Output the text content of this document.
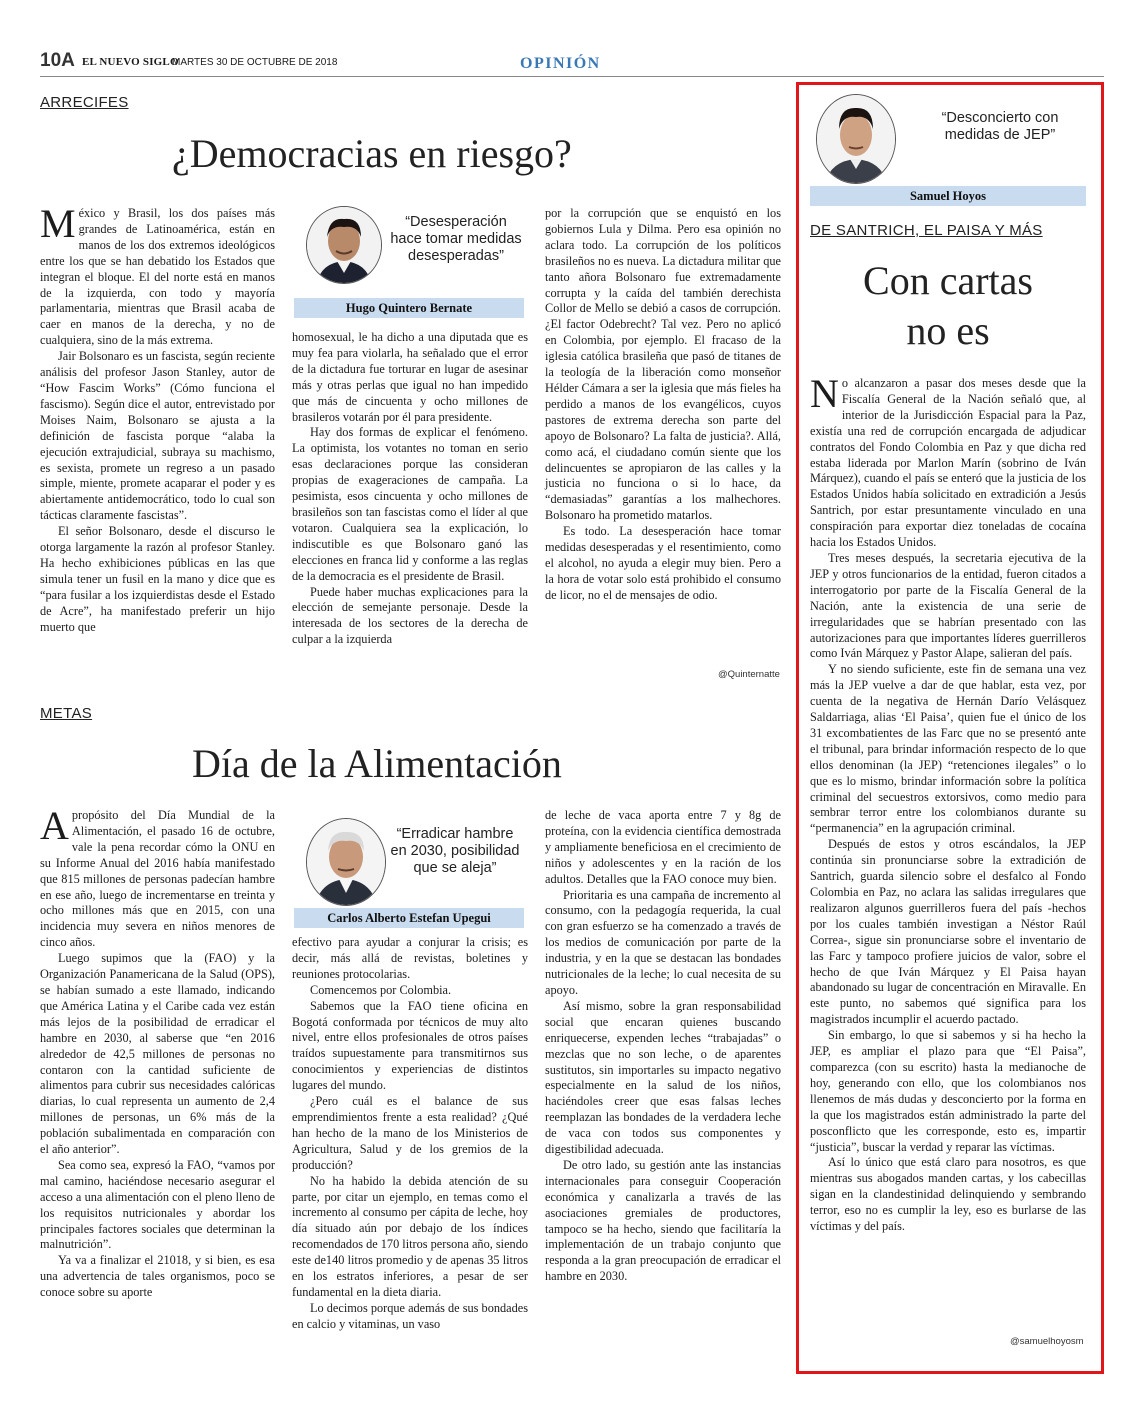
10A EL NUEVO SIGLO
MARTES 30 DE OCTUBRE DE 2018	OPINIÓN
ARRECIFES
¿Democracias en riesgo?

México y Brasil, los dos países más grandes de Latinoamérica, están en manos de los dos extremos ideológicos entre los que se han debatido los Estados que integran el bloque. El del norte está en manos de la izquierda, con todo y mayoría parlamentaria, mientras que Brasil acaba de caer en manos de la derecha, y no de cualquiera, sino de la más extrema.

Jair Bolsonaro es un fascista, según reciente análisis del profesor Jason Stanley, autor de “How Fascim Works” (Cómo funciona el fascismo). Según dice el autor, entrevistado por Moises Naim, Bolsonaro se ajusta a la definición de fascista porque “alaba la ejecución extrajudicial, subraya su machismo, es sexista, promete un regreso a un pasado simple, miente, promete acaparar el poder y es abiertamente antidemocrático, todo lo cual son tácticas claramente fascistas”.

El señor Bolsonaro, desde el discurso le otorga largamente la razón al profesor Stanley. Ha hecho exhibiciones públicas en las que simula tener un fusil en la mano y dice que es “para fusilar a los izquierdistas desde el Estado de Acre”, ha manifestado preferir un hijo muerto que

“Desesperación hace tomar medidas desesperadas”
Hugo Quintero Bernate

homosexual, le ha dicho a una diputada que es muy fea para violarla, ha señalado que el error de la dictadura fue torturar en lugar de asesinar más y otras perlas que igual no han impedido que más de cincuenta y ocho millones de brasileros votarán por él para presidente.

Hay dos formas de explicar el fenómeno. La optimista, los votantes no toman en serio esas declaraciones porque las consideran propias de exageraciones de campaña. La pesimista, esos cincuenta y ocho millones de brasileños son tan fascistas como el líder al que votaron. Cualquiera sea la explicación, lo indiscutible es que Bolsonaro ganó las elecciones en franca lid y conforme a las reglas de la democracia es el presidente de Brasil.

Puede haber muchas explicaciones para la elección de semejante personaje. Desde la interesada de los sectores de la derecha de culpar a la izquierda

por la corrupción que se enquistó en los gobiernos Lula y Dilma. Pero esa opinión no aclara todo. La corrupción de los políticos brasileños no es nueva. La dictadura militar que tanto añora Bolsonaro fue extremadamente corrupta y la caída del también derechista Collor de Mello se debió a casos de corrupción. ¿El factor Odebrecht? Tal vez. Pero no aplicó en Colombia, por ejemplo. El fracaso de la iglesia católica brasileña que pasó de titanes de la teología de la liberación como monseñor Hélder Cámara a ser la iglesia que más fieles ha perdido a manos de los evangélicos, cuyos pastores de extrema derecha son parte del apoyo de Bolsonaro? La falta de justicia?. Allá, como acá, el ciudadano común siente que los delincuentes se apropiaron de las calles y la justicia no funciona o si lo hace, da “demasiadas” garantías a los malhechores. Bolsonaro ha prometido matarlos.

Es todo. La desesperación hace tomar medidas desesperadas y el resentimiento, como el alcohol, no ayuda a elegir muy bien. Pero a la hora de votar solo está prohibido el consumo de licor, no el de mensajes de odio.

@Quinternatte
METAS
Día de la Alimentación

Apropósito del Día Mundial de la Alimentación, el pasado 16 de octubre, vale la pena recordar cómo la ONU en su Informe Anual del 2016 había manifestado que 815 millones de personas padecían hambre en ese año, luego de incrementarse en treinta y ocho millones más que en 2015, con una incidencia muy severa en niños menores de cinco años.

Luego supimos que la (FAO) y la Organización Panamericana de la Salud (OPS), se habían sumado a este llamado, indicando que América Latina y el Caribe cada vez están más lejos de la posibilidad de erradicar el hambre en 2030, al saberse que “en 2016 alrededor de 42,5 millones de personas no contaron con la cantidad suficiente de alimentos para cubrir sus necesidades calóricas diarias, lo cual representa un aumento de 2,4 millones de personas, un 6% más de la población subalimentada en comparación con el año anterior”.

Sea como sea, expresó la FAO, “vamos por mal camino, haciéndose necesario asegurar el acceso a una alimentación con el pleno lleno de los requisitos nutricionales y abordar los principales factores sociales que determinan la malnutrición”.

Ya va a finalizar el 21018, y si bien, es esa una advertencia de tales organismos, poco se conoce sobre su aporte

“Erradicar hambre en 2030, posibilidad que se aleja”
Carlos Alberto Estefan Upegui

efectivo para ayudar a conjurar la crisis; es decir, más allá de revistas, boletines y reuniones protocolarias.

Comencemos por Colombia.

Sabemos que la FAO tiene oficina en Bogotá conformada por técnicos de muy alto nivel, entre ellos profesionales de otros países traídos supuestamente para transmitirnos sus conocimientos y experiencias de distintos lugares del mundo.

¿Pero cuál es el balance de sus emprendimientos frente a esta realidad? ¿Qué han hecho de la mano de los Ministerios de Agricultura, Salud y de los gremios de la producción?

No ha habido la debida atención de su parte, por citar un ejemplo, en temas como el incremento al consumo per cápita de leche, hoy día situado aún por debajo de los índices recomendados de 170 litros persona año, siendo este de140 litros promedio y de apenas 35 litros en los estratos inferiores, a pesar de ser fundamental en la dieta diaria.

Lo decimos porque además de sus bondades en calcio y vitaminas, un vaso

de leche de vaca aporta entre 7 y 8g de proteína, con la evidencia científica demostrada y ampliamente beneficiosa en el crecimiento de niños y adolescentes y en la ración de los adultos. Detalles que la FAO conoce muy bien.

Prioritaria es una campaña de incremento al consumo, con la pedagogía requerida, la cual con gran esfuerzo se ha comenzado a través de los medios de comunicación por parte de la industria, y en la que se destacan las bondades nutricionales de la leche; lo cual necesita de su apoyo.

Así mismo, sobre la gran responsabilidad social que encaran quienes buscando enriquecerse, expenden leches “trabajadas” o mezclas que no son leche, o de aparentes sustitutos, sin importarles su impacto negativo especialmente en la salud de los niños, haciéndoles creer que esas falsas leches reemplazan las bondades de la verdadera leche de vaca con todos sus componentes y digestibilidad adecuada.

De otro lado, su gestión ante las instancias internacionales para conseguir Cooperación económica y canalizarla a través de las asociaciones gremiales de productores, tampoco se ha hecho, siendo que facilitaría la implementación de un trabajo conjunto que responda a la gran preocupación de erradicar el hambre en 2030.

“Desconcierto con medidas de JEP”
Samuel Hoyos
DE SANTRICH, EL PAISA Y MÁS
Con cartas
no es

No alcanzaron a pasar dos meses desde que la Fiscalía General de la Nación señaló que, al interior de la Jurisdicción Espacial para la Paz, existía una red de corrupción encargada de adjudicar contratos del Fondo Colombia en Paz y que dicha red estaba liderada por Marlon Marín (sobrino de Iván Márquez), cuando el país se enteró que la justicia de los Estados Unidos había solicitado en extradición a Jesús Santrich, por estar presuntamente vinculado en una conspiración para exportar diez toneladas de cocaína hacia los Estados Unidos.

Tres meses después, la secretaria ejecutiva de la JEP y otros funcionarios de la entidad, fueron citados a interrogatorio por parte de la Fiscalía General de la Nación, ante la existencia de una serie de irregularidades que se habrían presentado con las autorizaciones para que importantes líderes guerrilleros como Iván Márquez y Pastor Alape, salieran del país.

Y no siendo suficiente, este fin de semana una vez más la JEP vuelve a dar de que hablar, esta vez, por cuenta de la negativa de Hernán Darío Velásquez Saldarriaga, alias ‘El Paisa’, quien fue el único de los 31 excombatientes de las Farc que no se presentó ante el tribunal, para brindar información respecto de lo que ellos denominan (la JEP) “retenciones ilegales” o lo que es lo mismo, brindar información sobre la política criminal del secuestros extorsivos, como medio para sembrar terror entre los colombianos durante su “permanencia” en la agrupación criminal.

Después de estos y otros escándalos, la JEP continúa sin pronunciarse sobre la extradición de Santrich, guarda silencio sobre el desfalco al Fondo Colombia en Paz, no aclara las salidas irregulares que realizaron algunos guerrilleros fuera del país -hechos por los cuales también investigan a Néstor Raúl Correa-, sigue sin pronunciarse sobre el inventario de las Farc y tampoco profiere juicios de valor, sobre el hecho de que Iván Márquez y El Paisa hayan abandonado su lugar de concentración en Miravalle. En este punto, no sabemos qué significa para los magistrados incumplir el acuerdo pactado.

Sin embargo, lo que si sabemos y si ha hecho la JEP, es ampliar el plazo para que “El Paisa”, comparezca (con su escrito) hasta la medianoche de hoy, generando con ello, que los colombianos nos llenemos de más dudas y desconcierto por la forma en la que los magistrados están administrado la parte del posconflicto que les corresponde, esto es, impartir “justicia”, buscar la verdad y reparar las víctimas.

Así lo único que está claro para nosotros, es que mientras sus abogados manden cartas, y los cabecillas sigan en la clandestinidad delinquiendo y sembrando terror, eso no es cumplir la ley, eso es burlarse de las víctimas y del país.

@samuelhoyosm
